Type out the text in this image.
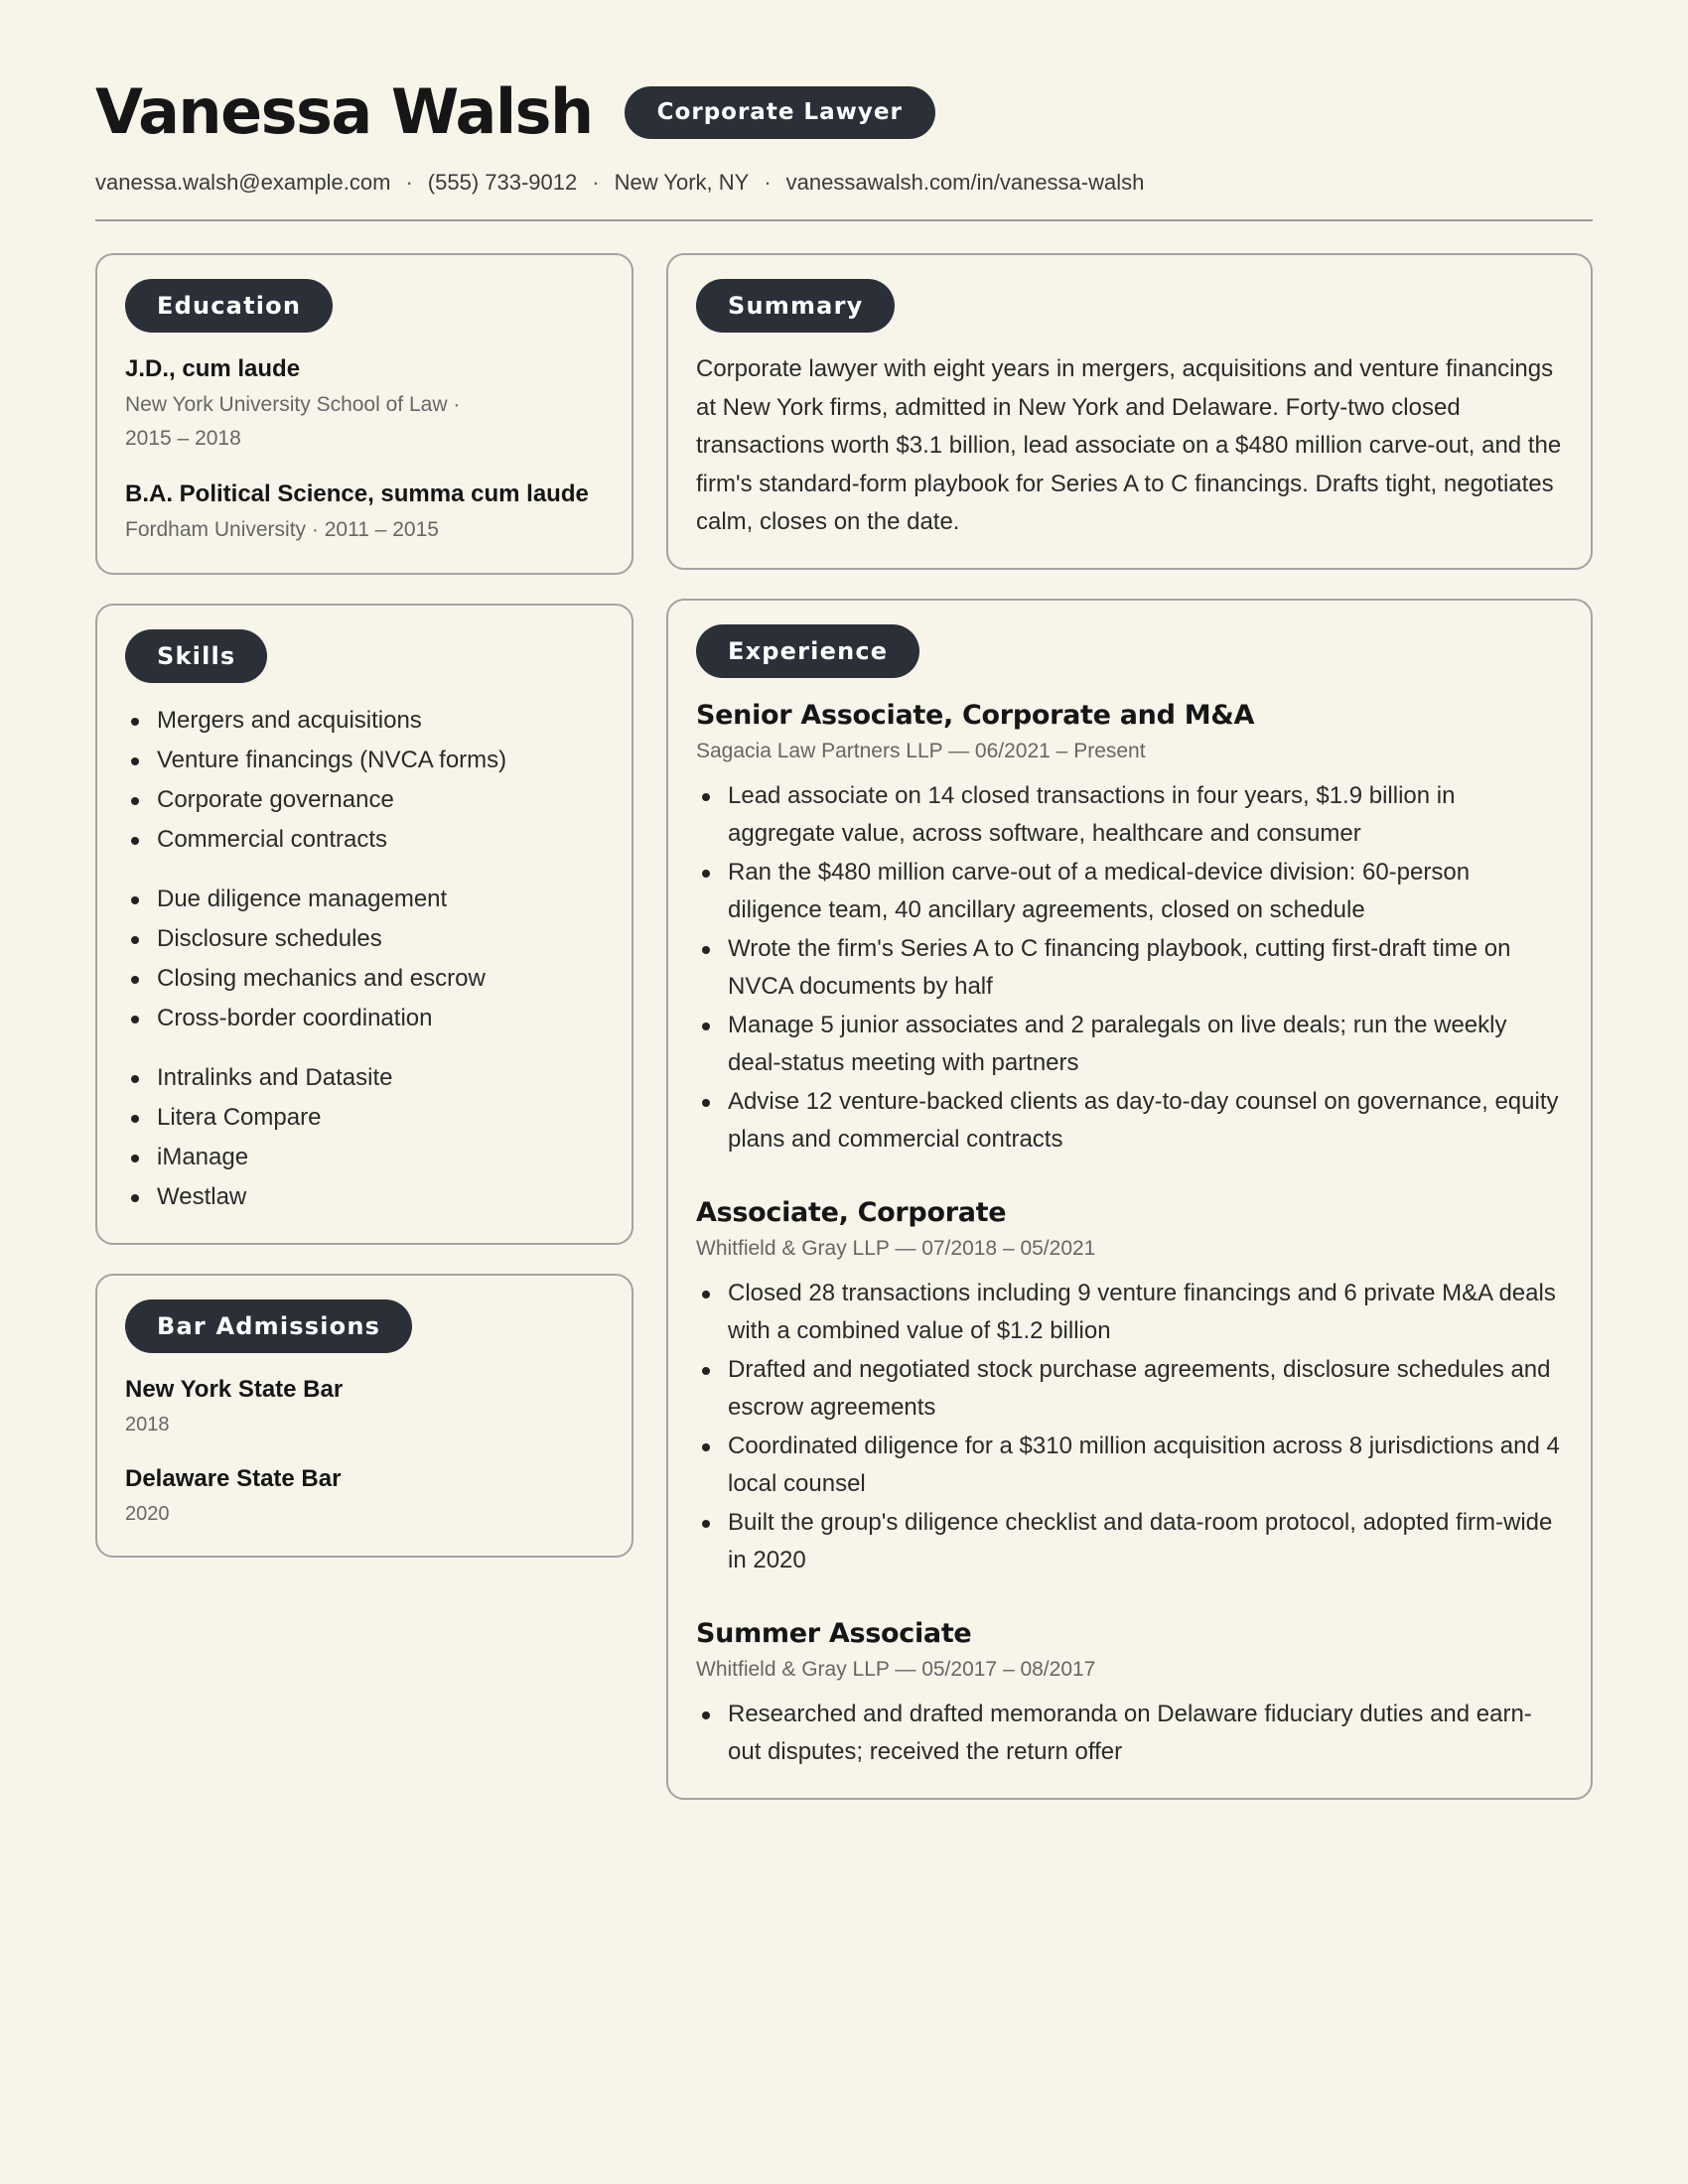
Vanessa Walsh	Corporate Lawyer
vanessa.walsh@example.com · (555) 733-9012 · New York, NY · vanessawalsh.com/in/vanessa-walsh
Education
J.D., cum laude
New York University School of Law ·
2015 – 2018
B.A. Political Science, summa cum laude
Fordham University · 2011 – 2015
Skills
Mergers and acquisitions
Venture financings (NVCA forms)
Corporate governance
Commercial contracts
Due diligence management
Disclosure schedules
Closing mechanics and escrow
Cross-border coordination
Intralinks and Datasite
Litera Compare
iManage
Westlaw
Bar Admissions
New York State Bar
2018
Delaware State Bar
2020
Summary

Corporate lawyer with eight years in mergers, acquisitions and venture financings at New York firms, admitted in New York and Delaware. Forty-two closed transactions worth $3.1 billion, lead associate on a $480 million carve-out, and the firm's standard-form playbook for Series A to C financings. Drafts tight, negotiates calm, closes on the date.

Experience
Senior Associate, Corporate and M&A
Sagacia Law Partners LLP — 06/2021 – Present
Lead associate on 14 closed transactions in four years, $1.9 billion in aggregate value, across software, healthcare and consumer
Ran the $480 million carve-out of a medical-device division: 60-person diligence team, 40 ancillary agreements, closed on schedule
Wrote the firm's Series A to C financing playbook, cutting first-draft time on NVCA documents by half
Manage 5 junior associates and 2 paralegals on live deals; run the weekly deal-status meeting with partners
Advise 12 venture-backed clients as day-to-day counsel on governance, equity plans and commercial contracts
Associate, Corporate
Whitfield & Gray LLP — 07/2018 – 05/2021
Closed 28 transactions including 9 venture financings and 6 private M&A deals with a combined value of $1.2 billion
Drafted and negotiated stock purchase agreements, disclosure schedules and escrow agreements
Coordinated diligence for a $310 million acquisition across 8 jurisdictions and 4 local counsel
Built the group's diligence checklist and data-room protocol, adopted firm-wide in 2020
Summer Associate
Whitfield & Gray LLP — 05/2017 – 08/2017
Researched and drafted memoranda on Delaware fiduciary duties and earn-out disputes; received the return offer
